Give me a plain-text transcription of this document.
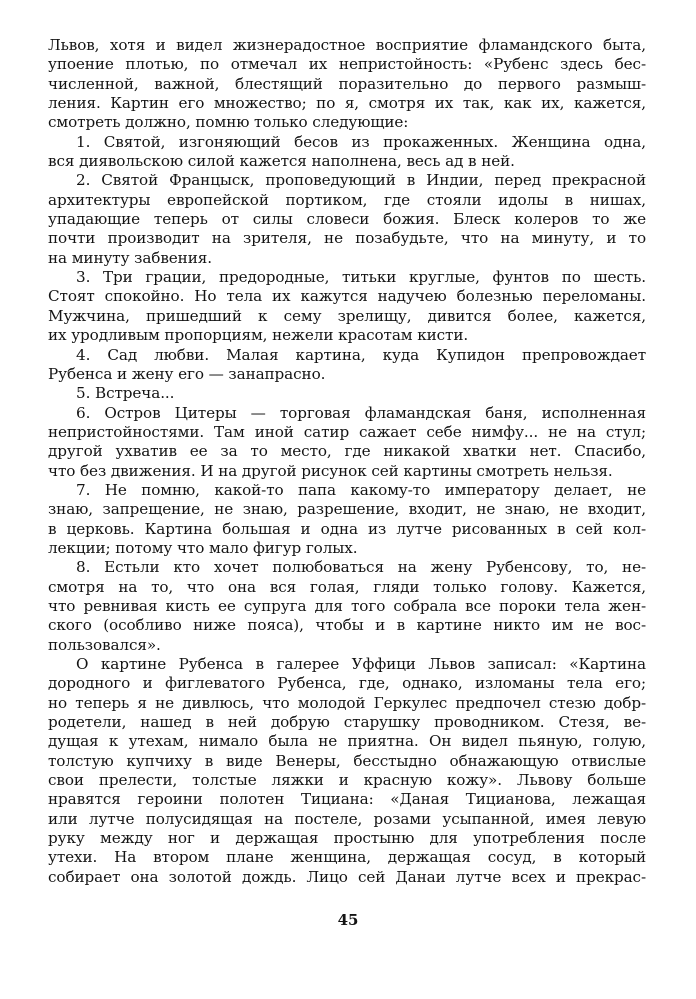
Львов, хотя и видел жизнерадостное восприятие фламандского быта,
упоение плотью, по отмечал их непристойность: «Рубенс здесь бес-
численной, важной, блестящий поразительно до первого размыш-
ления. Картин его множество; по я, смотря их так, как их, кажется,
смотреть должно, помню только следующие:
1. Святой, изгоняющий бесов из прокаженных. Женщина одна,
вся диявольскою силой кажется наполнена, весь ад в ней.
2. Святой Францыск, проповедующий в Индии, перед прекрасной
архитектуры европейской портиком, где стояли идолы в нишах,
упадающие теперь от силы словеси божия. Блеск колеров то же
почти производит на зрителя, не позабудьте, что на минуту, и то
на минуту забвения.
3. Три грации, предородные, титьки круглые, фунтов по шесть.
Стоят спокойно. Но тела их кажутся надучею болезнью переломаны.
Мужчина, пришедший к сему зрелищу, дивится более, кажется,
их уродливым пропорциям, нежели красотам кисти.
4. Сад любви. Малая картина, куда Купидон препровождает
Рубенса и жену его — занапрасно.
5. Встреча...
6. Остров Цитеры — торговая фламандская баня, исполненная
непристойностями. Там иной сатир сажает себе нимфу... не на стул;
другой ухватив ее за то место, где никакой хватки нет. Спасибо,
что без движения. И на другой рисунок сей картины смотреть нельзя.
7. Не помню, какой-то папа какому-то императору делает, не
знаю, запрещение, не знаю, разрешение, входит, не знаю, не входит,
в церковь. Картина большая и одна из лутче рисованных в сей кол-
лекции; потому что мало фигур голых.
8. Естьли кто хочет полюбоваться на жену Рубенсову, то, не-
смотря на то, что она вся голая, гляди только голову. Кажется,
что ревнивая кисть ее супруга для того собрала все пороки тела жен-
ского (особливо ниже пояса), чтобы и в картине никто им не вос-
пользовался».
О картине Рубенса в галерее Уффици Львов записал: «Картина
дородного и фиглеватого Рубенса, где, однако, изломаны тела его;
но теперь я не дивлюсь, что молодой Геркулес предпочел стезю добр-
родетели, нашед в ней добрую старушку проводником. Стезя, ве-
дущая к утехам, нимало была не приятна. Он видел пьяную, голую,
толстую купчиху в виде Венеры, бесстыдно обнажающую отвислые
свои прелести, толстые ляжки и красную кожу». Львову больше
нравятся героини полотен Тициана: «Даная Тицианова, лежащая
или лутче полусидящая на постеле, розами усыпанной, имея левую
руку между ног и держащая простыню для употребления после
утехи. На втором плане женщина, держащая сосуд, в который
собирает она золотой дождь. Лицо сей Данаи лутче всех и прекрас-
45
